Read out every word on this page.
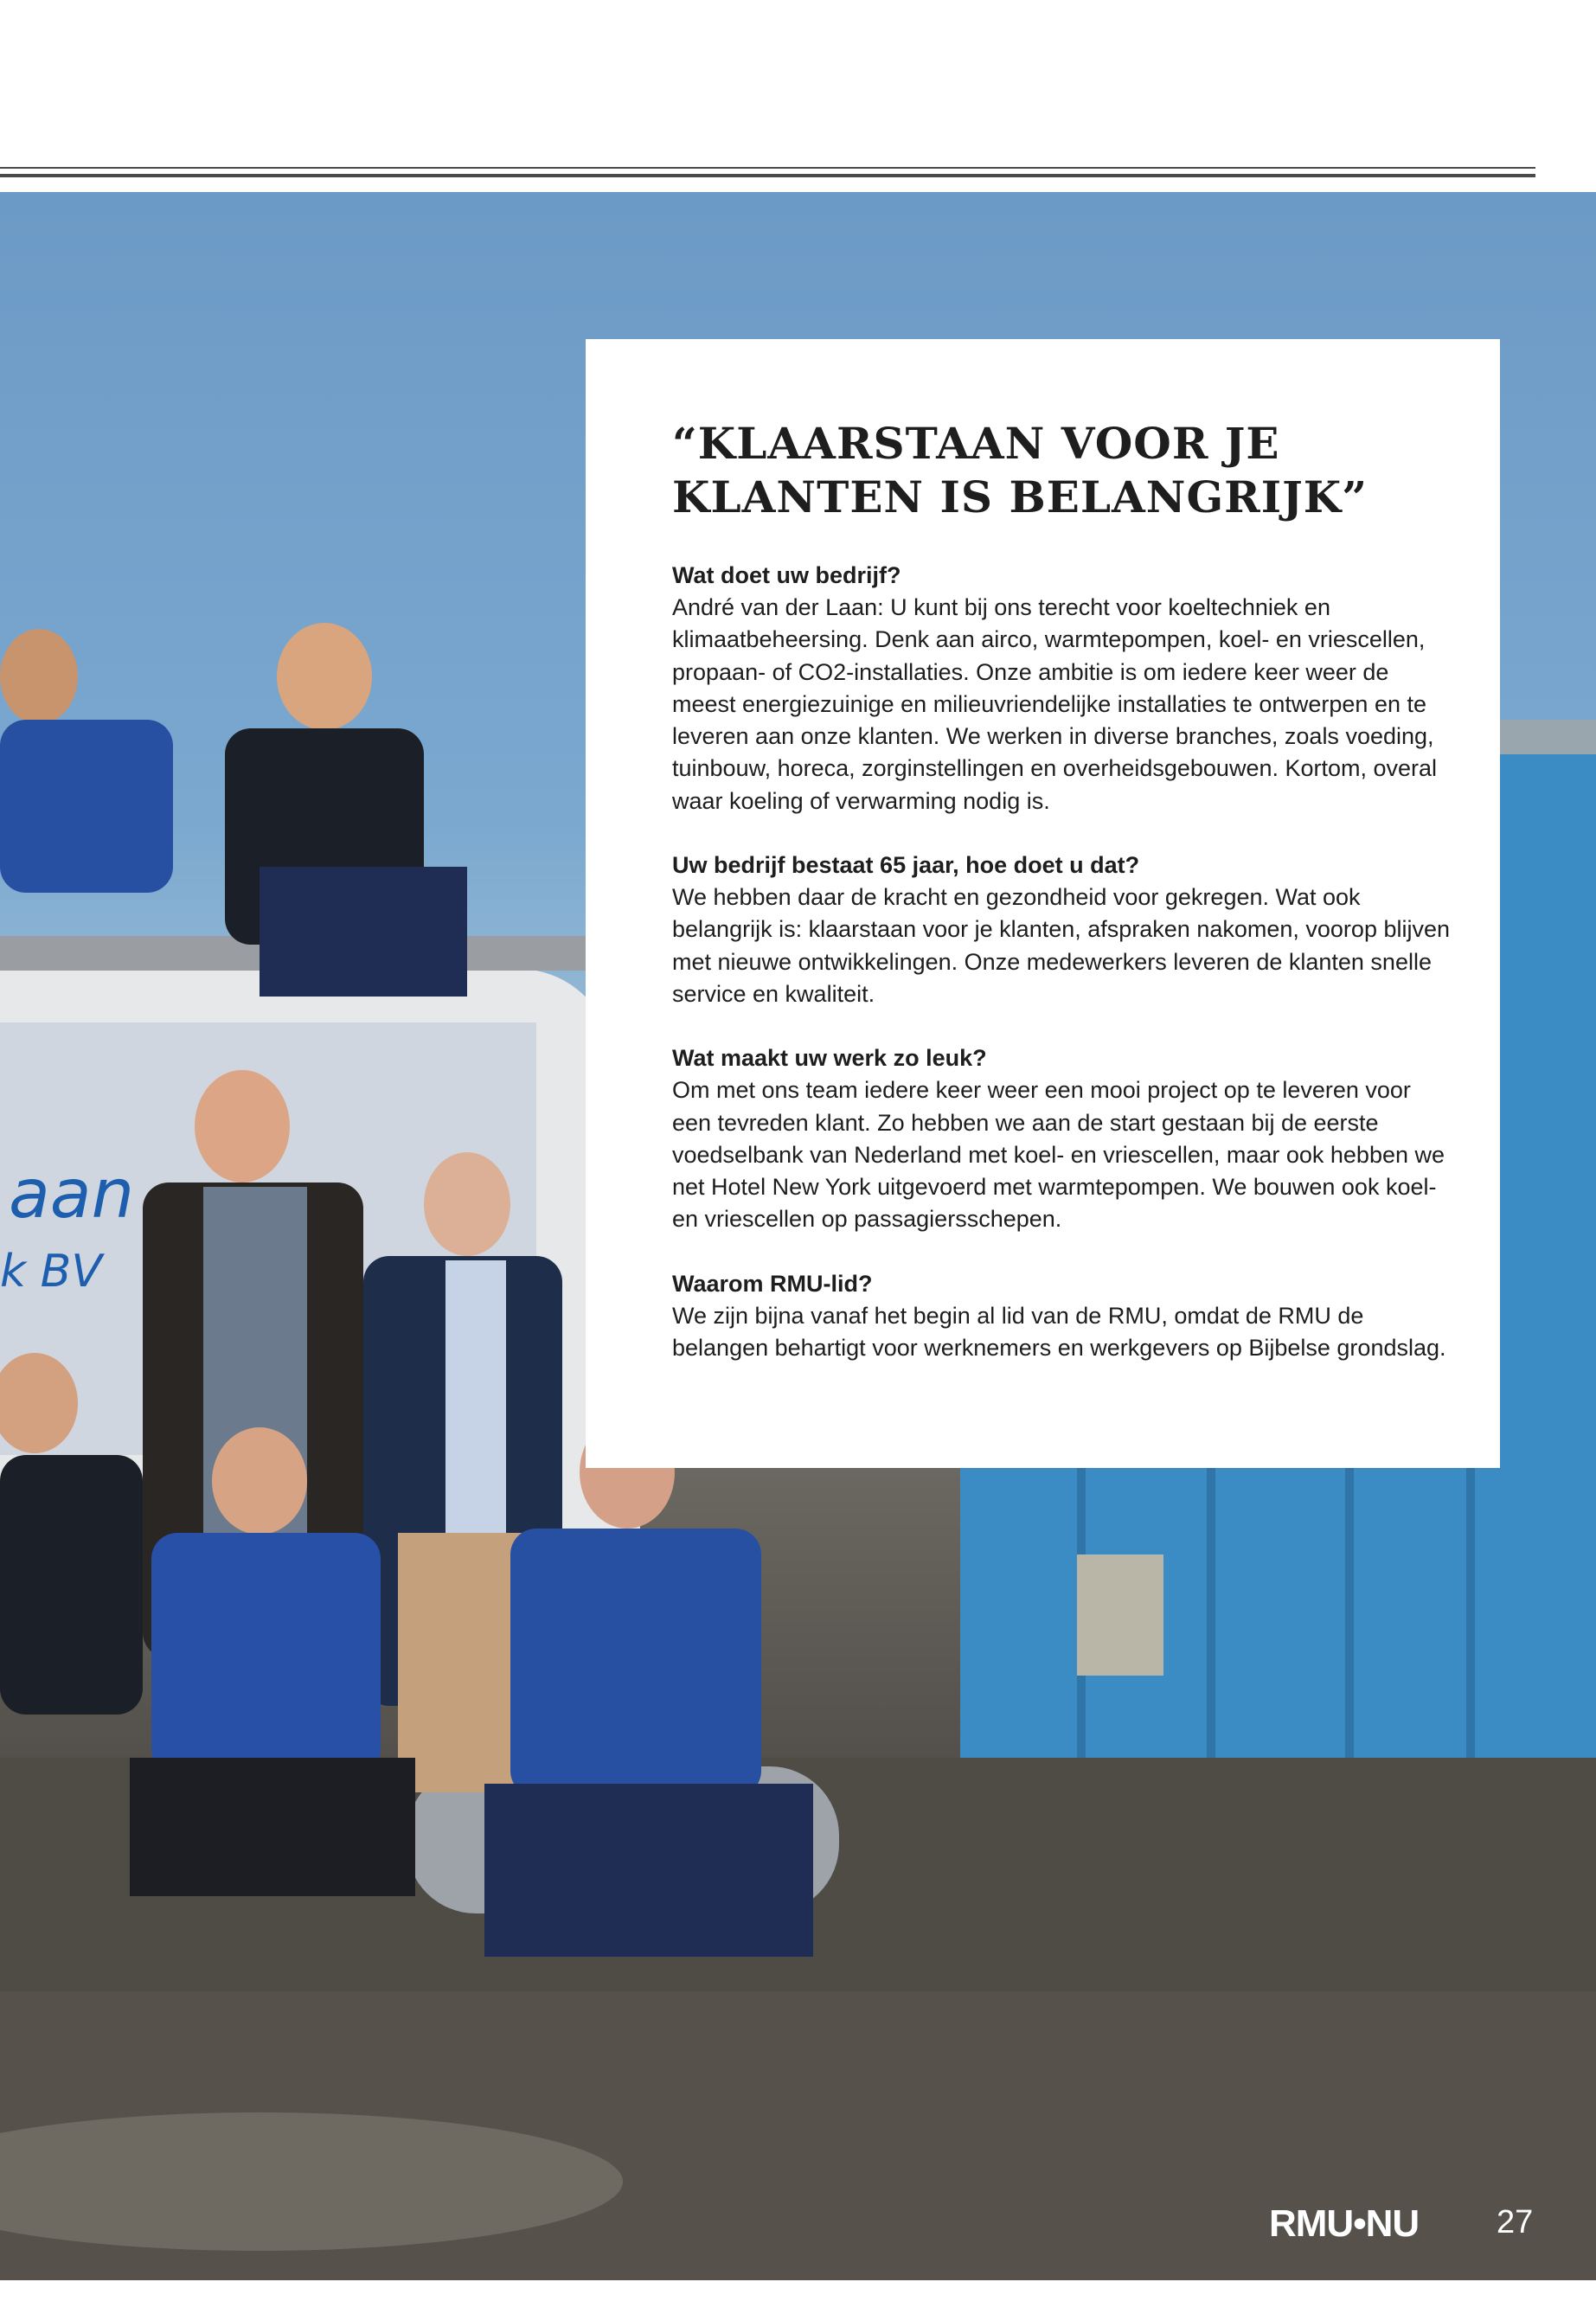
aan
k BV
“KLAARSTAAN VOOR JE KLANTEN IS BELANGRIJK”

Wat doet uw bedrijf?

André van der Laan: U kunt bij ons terecht voor koeltechniek en klimaatbeheersing. Denk aan airco, warmtepompen, koel- en vriescellen, propaan- of CO2-installaties. Onze ambitie is om iedere keer weer de meest energiezuinige en milieuvriendelijke installaties te ontwerpen en te leveren aan onze klanten. We werken in diverse branches, zoals voeding, tuinbouw, horeca, zorginstellingen en overheidsgebouwen. Kortom, overal waar koeling of verwarming nodig is.

Uw bedrijf bestaat 65 jaar, hoe doet u dat?

We hebben daar de kracht en gezondheid voor gekregen. Wat ook belangrijk is: klaarstaan voor je klanten, afspraken nakomen, voorop blijven met nieuwe ontwikkelingen. Onze medewerkers leveren de klanten snelle service en kwaliteit.

Wat maakt uw werk zo leuk?

Om met ons team iedere keer weer een mooi project op te leveren voor een tevreden klant. Zo hebben we aan de start gestaan bij de eerste voedselbank van Nederland met koel- en vriescellen, maar ook hebben we net Hotel New York uitgevoerd met warmtepompen. We bouwen ook koel- en vriescellen op passagiersschepen.

Waarom RMU-lid?

We zijn bijna vanaf het begin al lid van de RMU, omdat de RMU de belangen behartigt voor werknemers en werkgevers op Bijbelse grondslag.

RMU•NU 27
